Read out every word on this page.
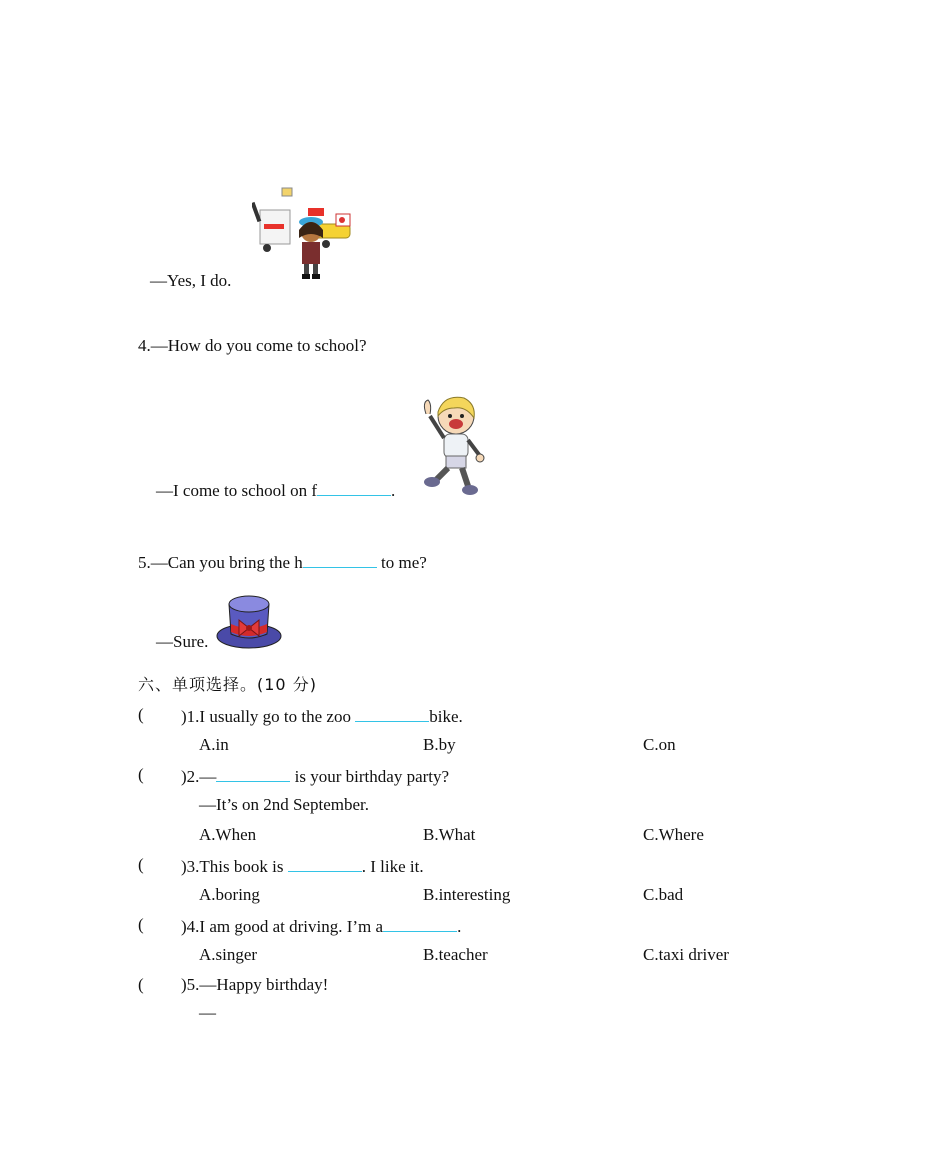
—Yes, I do.
4.—How do you come to school?
—I come to school on f	.
5.—Can you bring the h	to me?
—Sure.
六、单项选择。(10 分)
( )1.I usually go to the zoo	bike.
A.in	B.by	C.on
( )2.—	is your birthday party?
—It’s on 2nd September.
A.When	B.What	C.Where
( )3.This book is	. I like it.
A.boring	B.interesting	C.bad
( )4.I am good at driving. I’m a	.
A.singer	B.teacher	C.taxi driver
( )5.—Happy birthday!
—
